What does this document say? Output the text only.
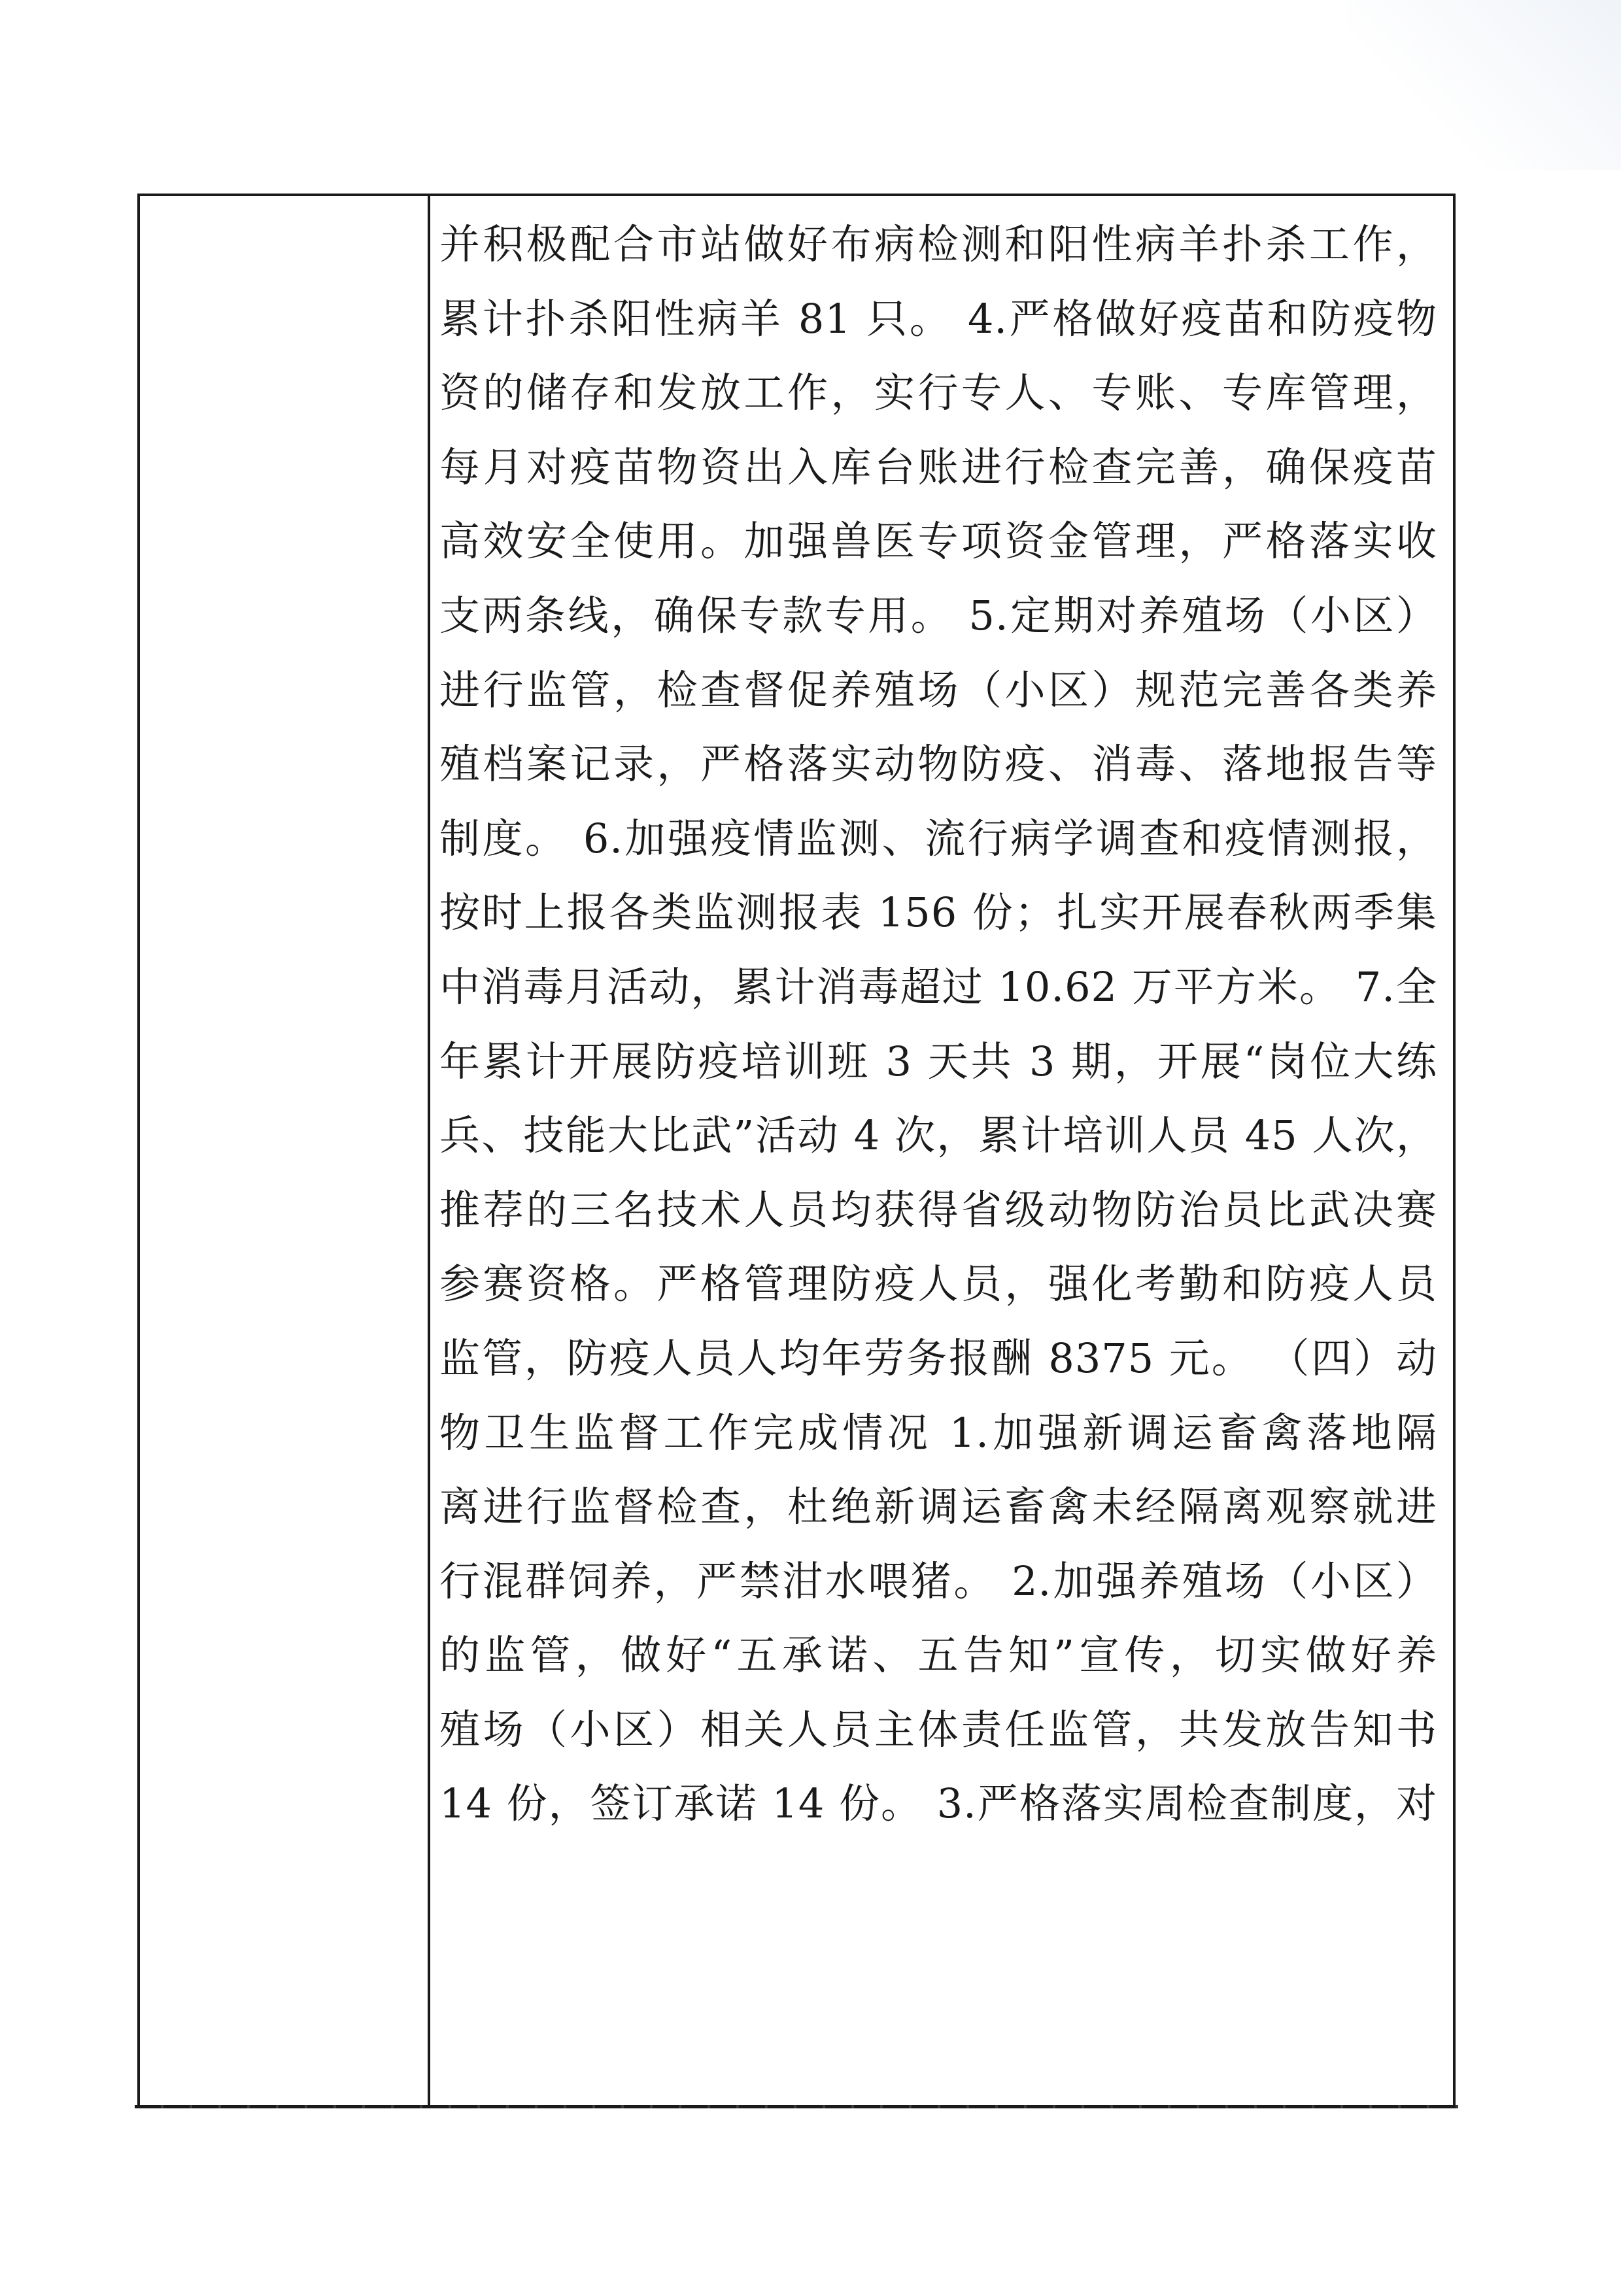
并积极配合市站做好布病检测和阳性病羊扑杀工作，
累计扑杀阳性病羊 81 只。 4.严格做好疫苗和防疫物
资的储存和发放工作，实行专人、专账、专库管理，
每月对疫苗物资出入库台账进行检查完善，确保疫苗
高效安全使用。加强兽医专项资金管理，严格落实收
支两条线，确保专款专用。 5.定期对养殖场（小区）
进行监管，检查督促养殖场（小区）规范完善各类养
殖档案记录，严格落实动物防疫、消毒、落地报告等
制度。 6.加强疫情监测、流行病学调查和疫情测报，
按时上报各类监测报表 156 份；扎实开展春秋两季集
中消毒月活动，累计消毒超过 10.62 万平方米。 7.全
年累计开展防疫培训班 3 天共 3 期，开展“岗位大练
兵、技能大比武”活动 4 次，累计培训人员 45 人次，
推荐的三名技术人员均获得省级动物防治员比武决赛
参赛资格。严格管理防疫人员，强化考勤和防疫人员
监管，防疫人员人均年劳务报酬 8375 元。 （四）动
物卫生监督工作完成情况 1.加强新调运畜禽落地隔
离进行监督检查，杜绝新调运畜禽未经隔离观察就进
行混群饲养，严禁泔水喂猪。 2.加强养殖场（小区）
的监管，做好“五承诺、五告知”宣传，切实做好养
殖场（小区）相关人员主体责任监管，共发放告知书
14 份，签订承诺 14 份。 3.严格落实周检查制度，对
